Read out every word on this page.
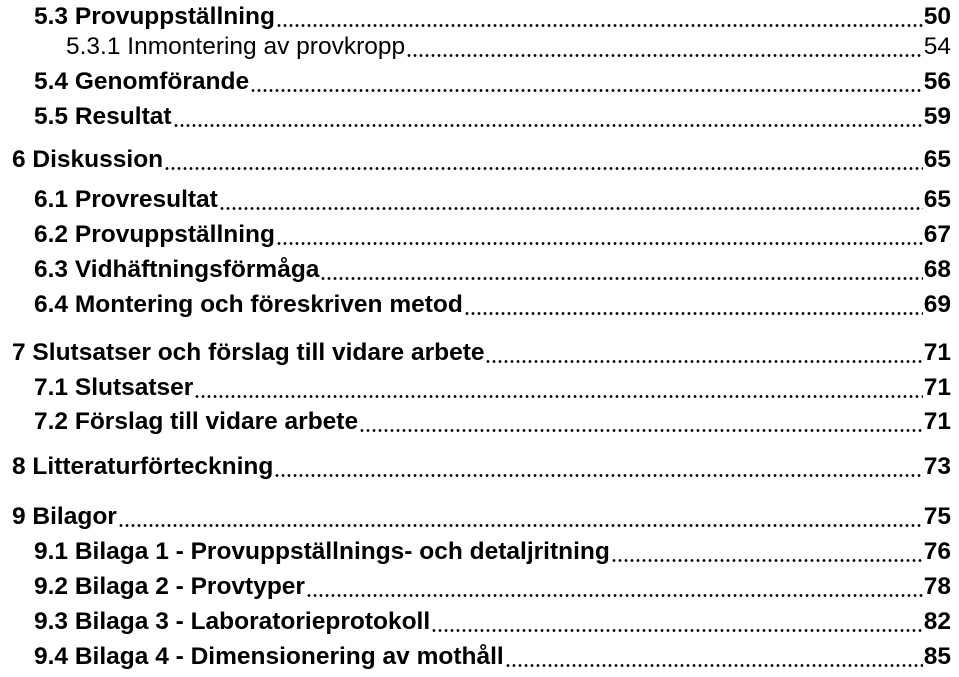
5.3 Provuppställning	50
5.3.1 Inmontering av provkropp	54
5.4 Genomförande	56
5.5 Resultat	59
6 Diskussion	65
6.1 Provresultat	65
6.2 Provuppställning	67
6.3 Vidhäftningsförmåga	68
6.4 Montering och föreskriven metod	69
7 Slutsatser och förslag till vidare arbete	71
7.1 Slutsatser	71
7.2 Förslag till vidare arbete	71
8 Litteraturförteckning	73
9 Bilagor	75
9.1 Bilaga 1 - Provuppställnings- och detaljritning	76
9.2 Bilaga 2 - Provtyper	78
9.3 Bilaga 3 - Laboratorieprotokoll	82
9.4 Bilaga 4 - Dimensionering av mothåll	85
